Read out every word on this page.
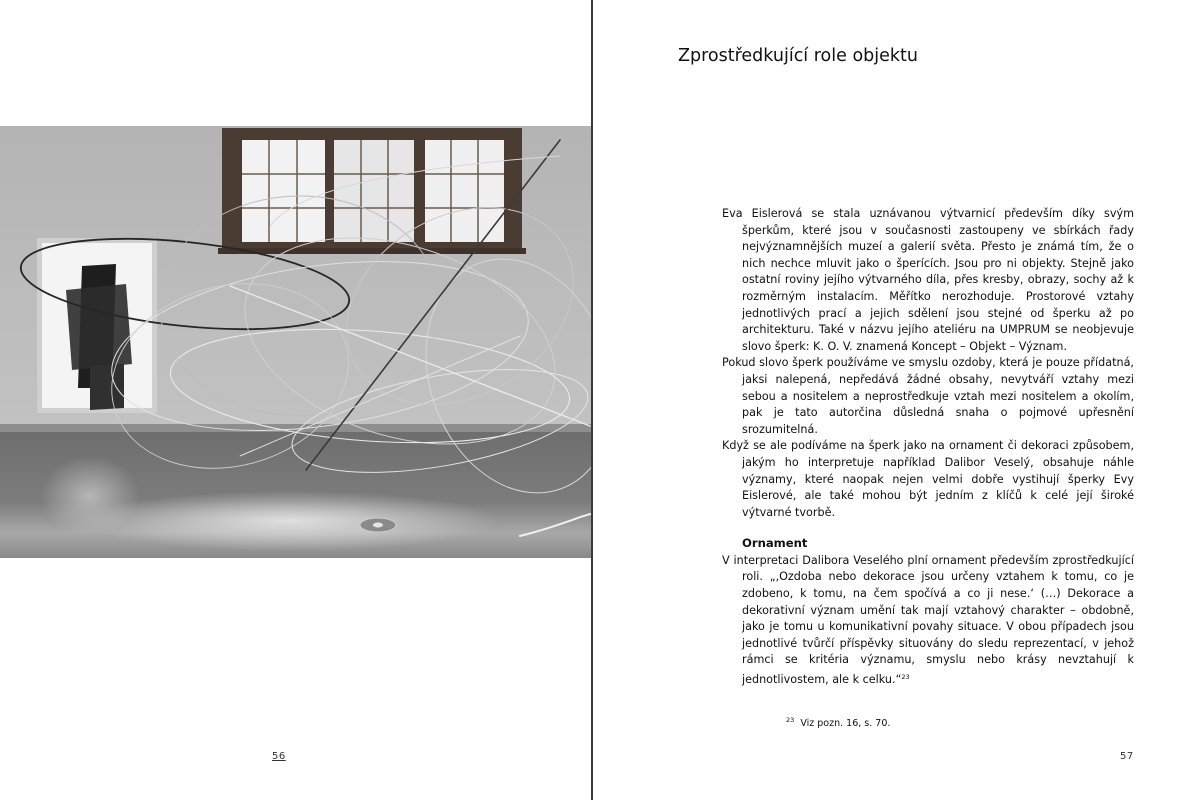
56
Zprostředkující role objektu

Eva Eislerová se stala uznávanou výtvarnicí především díky svým šperkům, které jsou v současnosti zastoupeny ve sbírkách řady nejvýznamnějších muzeí a galerií světa. Přesto je známá tím, že o nich nechce mluvit jako o šperících. Jsou pro ni objekty. Stejně jako ostatní roviny jejího výtvarného díla, přes kresby, obrazy, sochy až k rozměrným instalacím. Měřítko nerozhoduje. Prostorové vztahy jednotlivých prací a jejich sdělení jsou stejné od šperku až po architekturu. Také v názvu jejího ateliéru na UMPRUM se neobjevuje slovo šperk: K. O. V. znamená Koncept – Objekt – Význam.

Pokud slovo šperk používáme ve smyslu ozdoby, která je pouze přídatná, jaksi nalepená, nepředává žádné obsahy, nevytváří vztahy mezi sebou a nositelem a neprostředkuje vztah mezi nositelem a okolím, pak je tato autorčina důsledná snaha o pojmové upřesnění srozumitelná.

Když se ale podíváme na šperk jako na ornament či dekoraci způsobem, jakým ho interpretuje například Dalibor Veselý, obsahuje náhle významy, které naopak nejen velmi dobře vystihují šperky Evy Eislerové, ale také mohou být jedním z klíčů k celé její široké výtvarné tvorbě.

Ornament

V interpretaci Dalibora Veselého plní ornament především zprostředkující roli. „‚Ozdoba nebo dekorace jsou určeny vztahem k tomu, co je zdobeno, k tomu, na čem spočívá a co ji nese.‘ (…) Dekorace a dekorativní význam umění tak mají vztahový charakter – obdobně, jako je tomu u komunikativní povahy situace. V obou případech jsou jednotlivé tvůrčí příspěvky situovány do sledu reprezentací, v jehož rámci se kritéria významu, smyslu nebo krásy nevztahují k jednotlivostem, ale k celku.“$^{23}$

$^{23}$ Viz pozn. 16, s. 70.
57
